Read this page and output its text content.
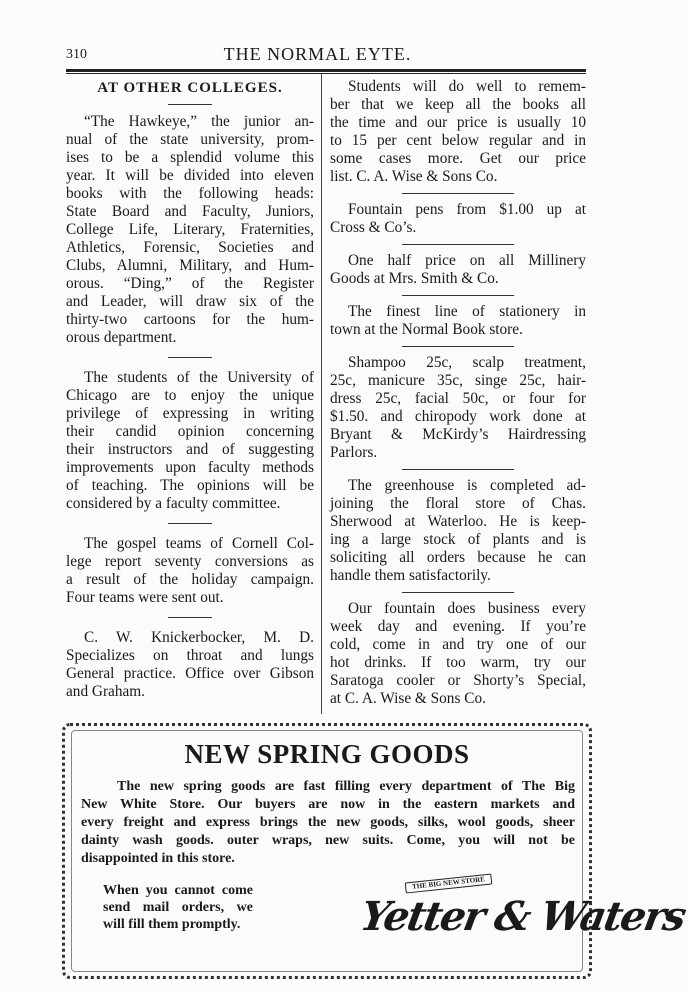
310	THE NORMAL EYTE.
AT OTHER COLLEGES.
“The Hawkeye,” the junior an-
nual of the state university, prom-
ises to be a splendid volume this
year. It will be divided into eleven
books with the following heads:
State Board and Faculty, Juniors,
College Life, Literary, Fraternities,
Athletics, Forensic, Societies and
Clubs, Alumni, Military, and Hum-
orous. “Ding,” of the Register
and Leader, will draw six of the
thirty-two cartoons for the hum-
orous department.
The students of the University of
Chicago are to enjoy the unique
privilege of expressing in writing
their candid opinion concerning
their instructors and of suggesting
improvements upon faculty methods
of teaching. The opinions will be
considered by a faculty committee.
The gospel teams of Cornell Col-
lege report seventy conversions as
a result of the holiday campaign.
Four teams were sent out.
C. W. Knickerbocker, M. D.
Specializes on throat and lungs
General practice. Office over Gibson
and Graham.
Students will do well to remem-
ber that we keep all the books all
the time and our price is usually 10
to 15 per cent below regular and in
some cases more. Get our price
list. C. A. Wise & Sons Co.
Fountain pens from $1.00 up at
Cross & Co’s.
One half price on all Millinery
Goods at Mrs. Smith & Co.
The finest line of stationery in
town at the Normal Book store.
Shampoo 25c, scalp treatment,
25c, manicure 35c, singe 25c, hair-
dress 25c, facial 50c, or four for
$1.50. and chiropody work done at
Bryant & McKirdy’s Hairdressing
Parlors.
The greenhouse is completed ad-
joining the floral store of Chas.
Sherwood at Waterloo. He is keep-
ing a large stock of plants and is
soliciting all orders because he can
handle them satisfactorily.
Our fountain does business every
week day and evening. If you’re
cold, come in and try one of our
hot drinks. If too warm, try our
Saratoga cooler or Shorty’s Special,
at C. A. Wise & Sons Co.
NEW SPRING GOODS
The new spring goods are fast filling every department of The Big
New White Store. Our buyers are now in the eastern markets and
every freight and express brings the new goods, silks, wool goods, sheer
dainty wash goods. outer wraps, new suits. Come, you will not be
disappointed in this store.
When you cannot come
send mail orders, we
will fill them promptly.
THE BIG NEW STORE
Yetter & Waters
